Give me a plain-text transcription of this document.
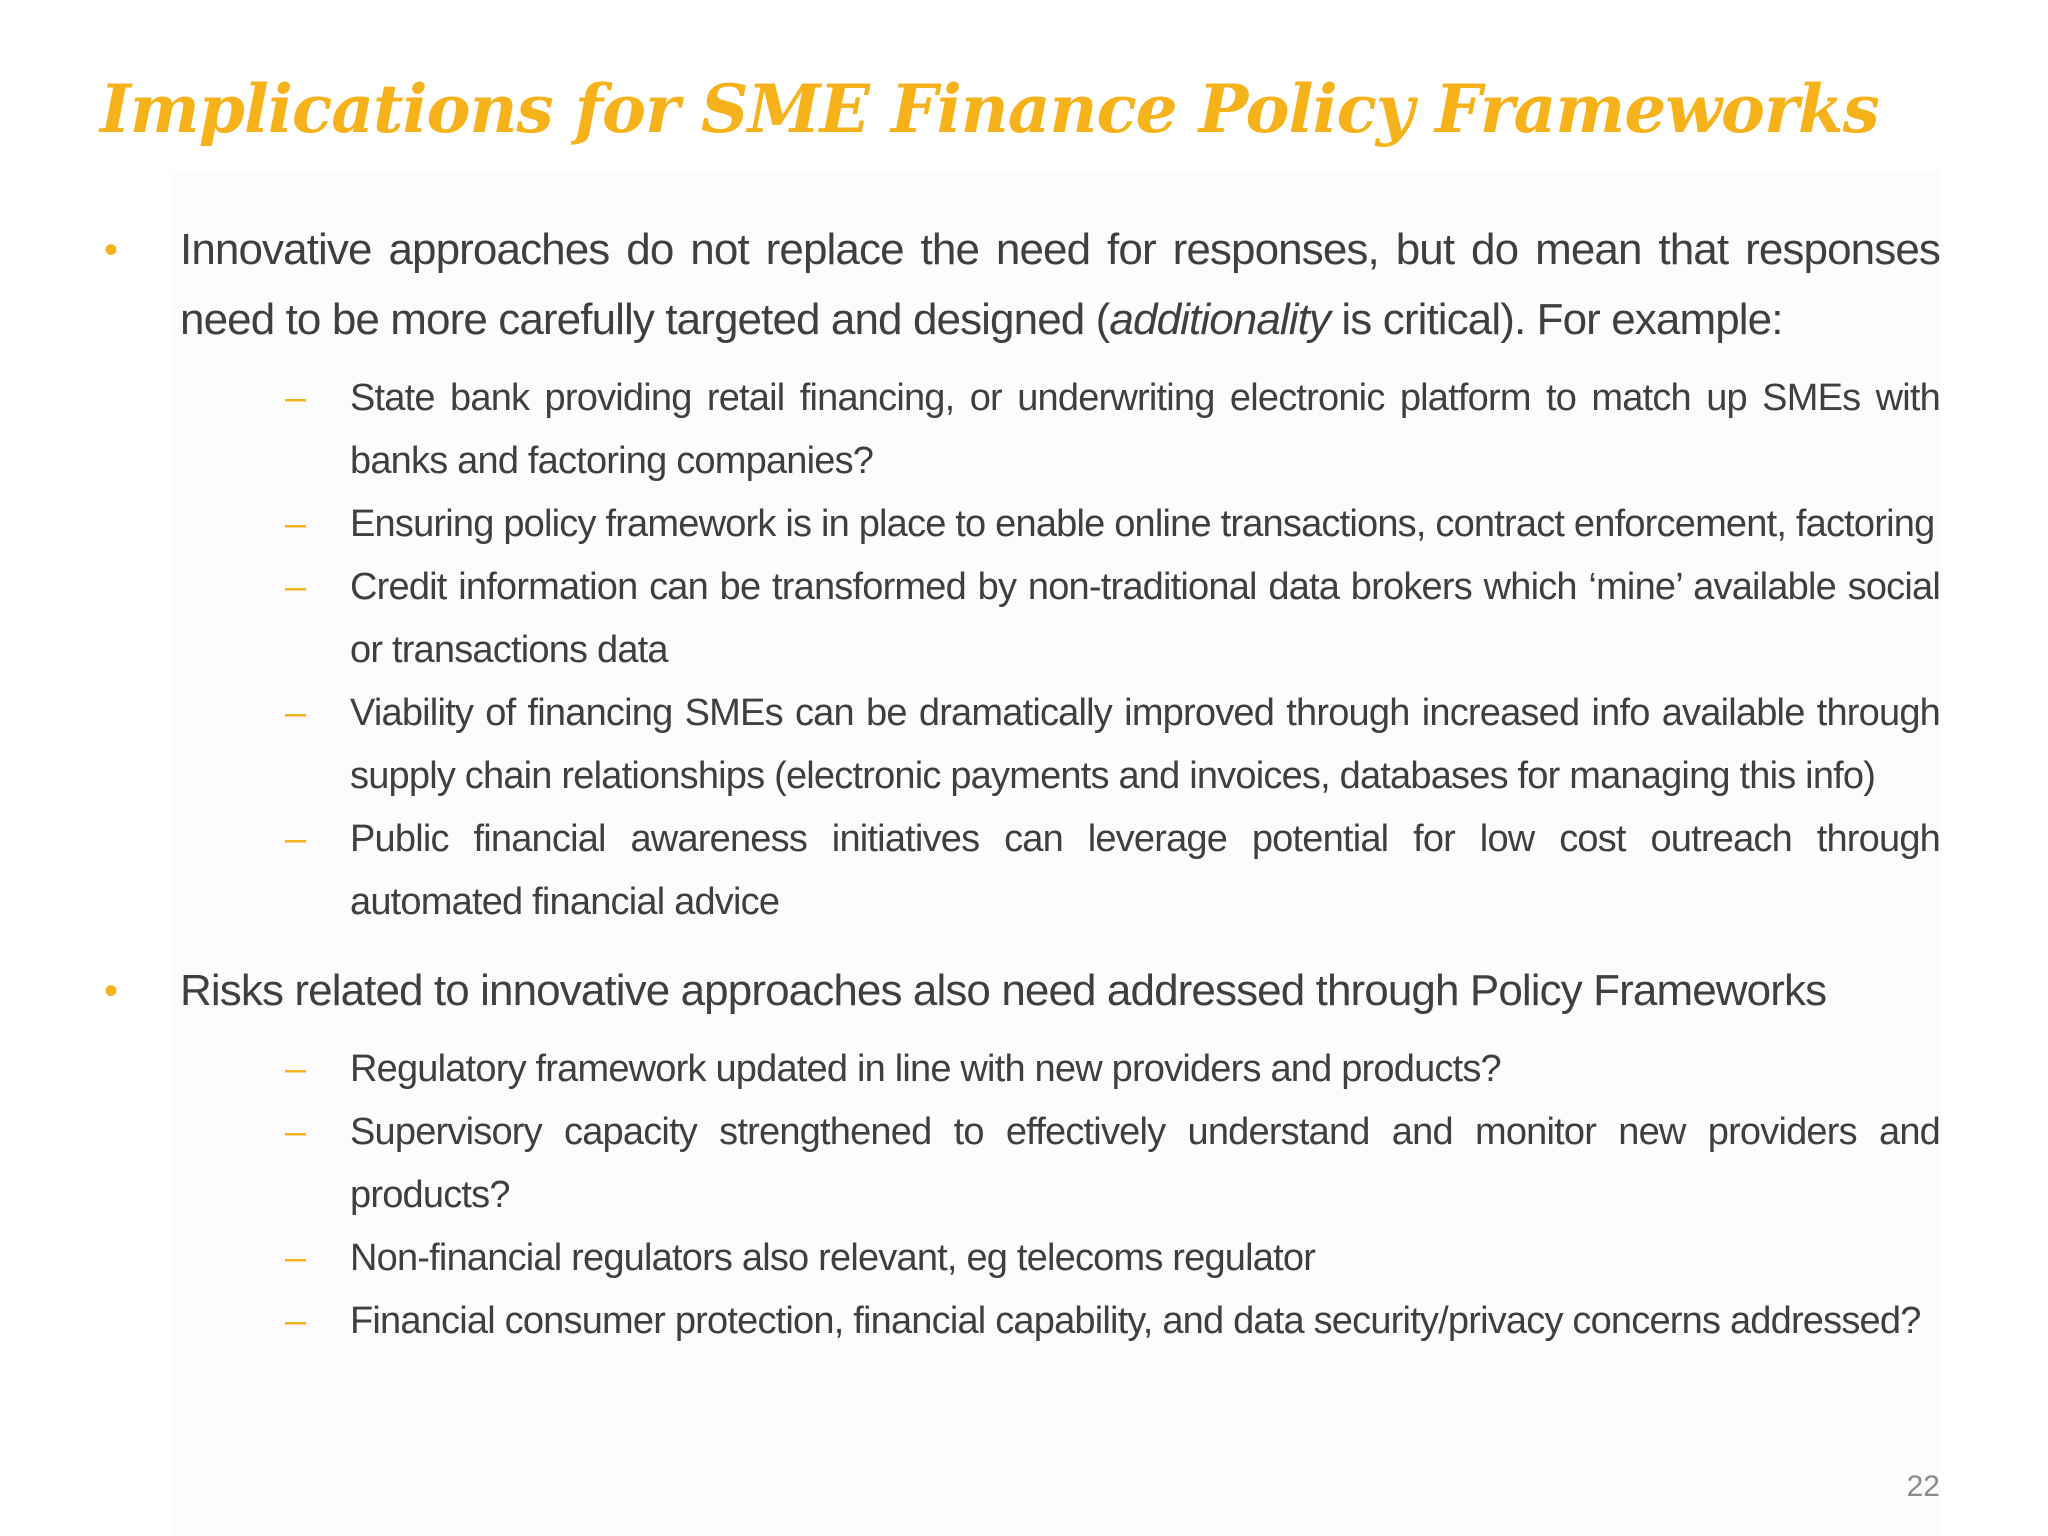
Implications for SME Finance Policy Frameworks
• Innovative approaches do not replace the need for responses, but do mean that responses need to be more carefully targeted and designed (additionality is critical). For example:
– State bank providing retail financing, or underwriting electronic platform to match up SMEs with banks and factoring companies?
– Ensuring policy framework is in place to enable online transactions, contract enforcement, factoring
– Credit information can be transformed by non-traditional data brokers which ‘mine’ available social or transactions data
– Viability of financing SMEs can be dramatically improved through increased info available through supply chain relationships (electronic payments and invoices, databases for managing this info)
– Public financial awareness initiatives can leverage potential for low cost outreach through automated financial advice
• Risks related to innovative approaches also need addressed through Policy Frameworks
– Regulatory framework updated in line with new providers and products?
– Supervisory capacity strengthened to effectively understand and monitor new providers and products?
– Non-financial regulators also relevant, eg telecoms regulator
– Financial consumer protection, financial capability, and data security/privacy concerns addressed?
22
